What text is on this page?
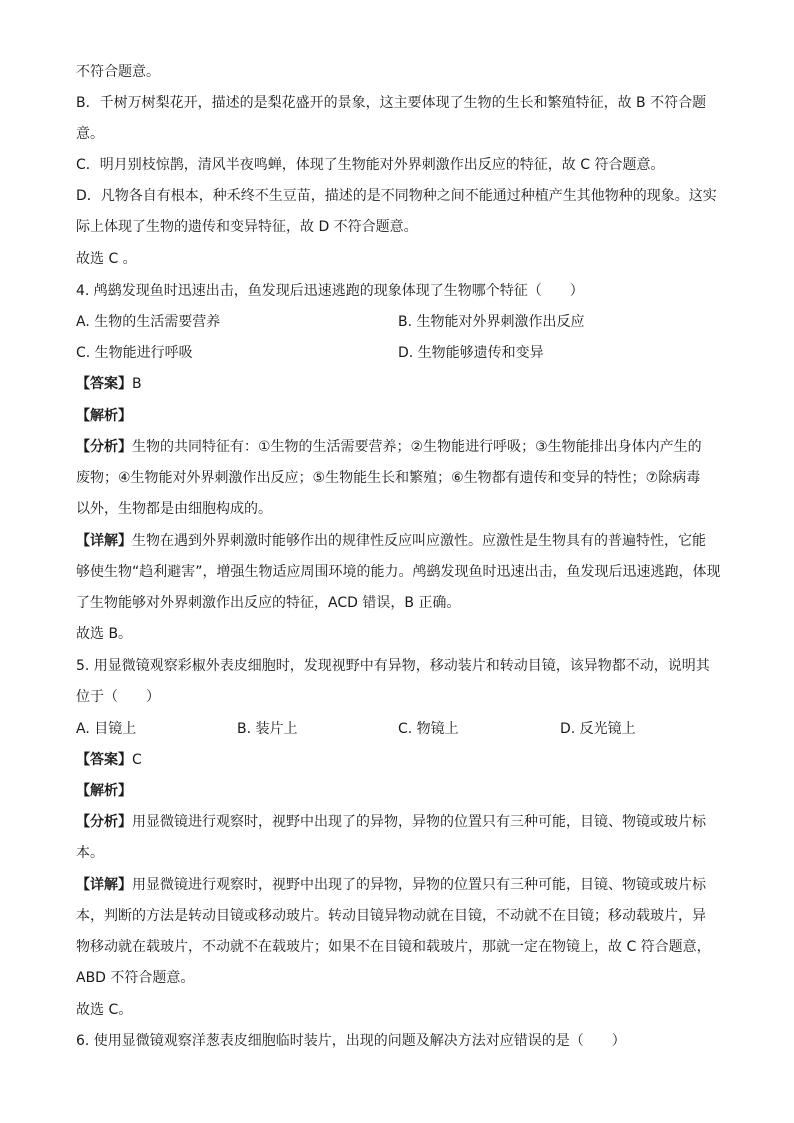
不符合题意。
B．千树万树梨花开，描述的是梨花盛开的景象，这主要体现了生物的生长和繁殖特征，故 B 不符合题
意。
C．明月别枝惊鹊，清风半夜鸣蝉，体现了生物能对外界刺激作出反应的特征，故 C 符合题意。
D．凡物各自有根本，种禾终不生豆苗，描述的是不同物种之间不能通过种植产生其他物种的现象。这实
际上体现了生物的遗传和变异特征，故 D 不符合题意。
故选 C 。
4. 鸬鹚发现鱼时迅速出击，鱼发现后迅速逃跑的现象体现了生物哪个特征（　　）
A. 生物的生活需要营养	B. 生物能对外界刺激作出反应
C. 生物能进行呼吸	D. 生物能够遗传和变异
【答案】B
【解析】
【分析】生物的共同特征有：①生物的生活需要营养；②生物能进行呼吸；③生物能排出身体内产生的
废物；④生物能对外界刺激作出反应；⑤生物能生长和繁殖；⑥生物都有遗传和变异的特性；⑦除病毒
以外，生物都是由细胞构成的。
【详解】生物在遇到外界刺激时能够作出的规律性反应叫应激性。应激性是生物具有的普遍特性，它能
够使生物“趋利避害”，增强生物适应周围环境的能力。鸬鹚发现鱼时迅速出击，鱼发现后迅速逃跑，体现
了生物能够对外界刺激作出反应的特征，ACD 错误，B 正确。
故选 B。
5. 用显微镜观察彩椒外表皮细胞时，发现视野中有异物，移动装片和转动目镜，该异物都不动，说明其
位于（　　）
A. 目镜上	B. 装片上	C. 物镜上	D. 反光镜上
【答案】C
【解析】
【分析】用显微镜进行观察时，视野中出现了的异物，异物的位置只有三种可能，目镜、物镜或玻片标
本。
【详解】用显微镜进行观察时，视野中出现了的异物，异物的位置只有三种可能，目镜、物镜或玻片标
本，判断的方法是转动目镜或移动玻片。转动目镜异物动就在目镜，不动就不在目镜；移动载玻片，异
物移动就在载玻片，不动就不在载玻片；如果不在目镜和载玻片，那就一定在物镜上，故 C 符合题意，
ABD 不符合题意。
故选 C。
6. 使用显微镜观察洋葱表皮细胞临时装片，出现的问题及解决方法对应错误的是（　　）
